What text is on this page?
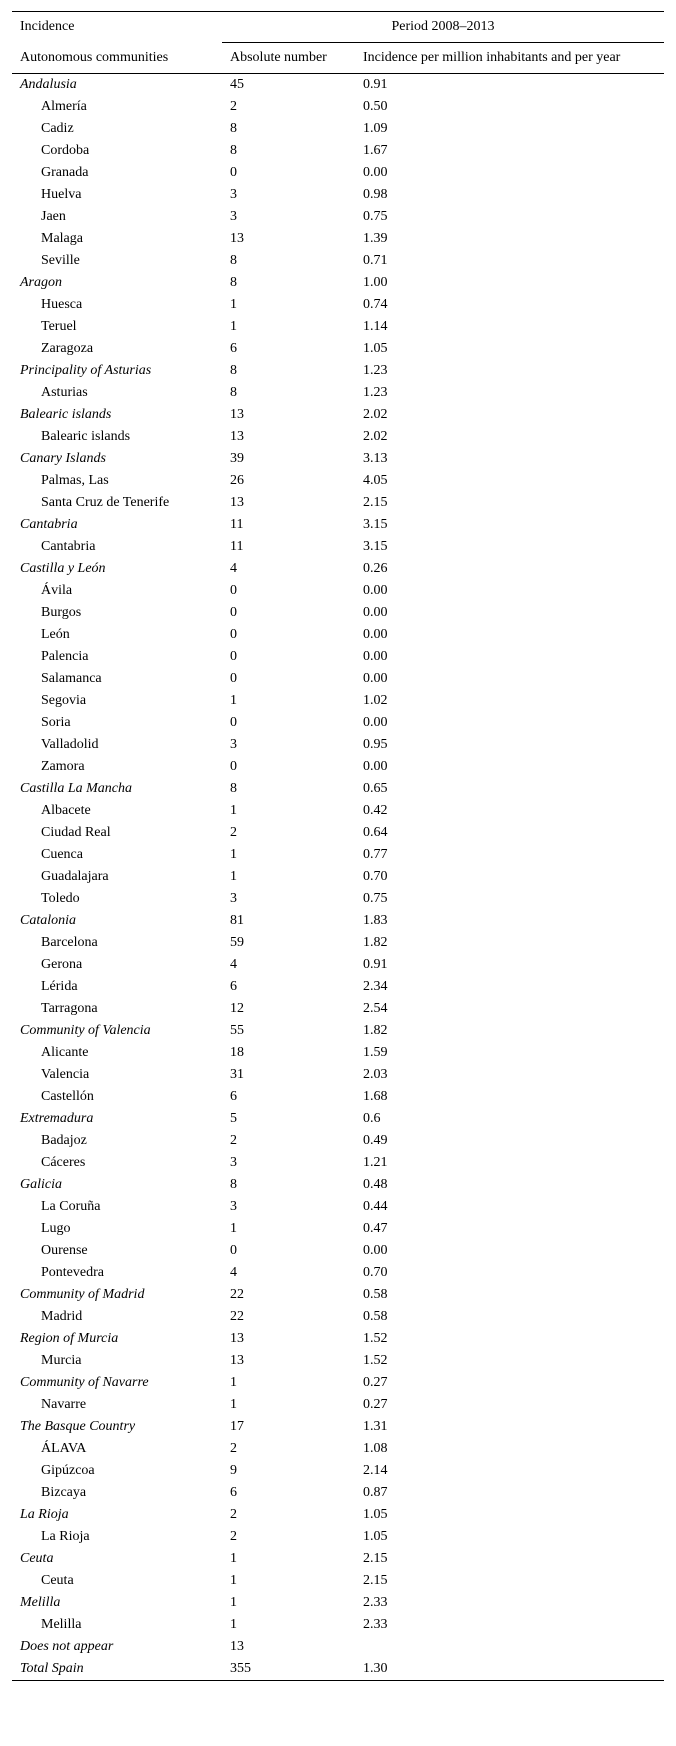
Incidence	Period 2008–2013	
Autonomous communities	Absolute number	Incidence per million inhabitants and per year
Andalusia	45	0.91
Almería	2	0.50
Cadiz	8	1.09
Cordoba	8	1.67
Granada	0	0.00
Huelva	3	0.98
Jaen	3	0.75
Malaga	13	1.39
Seville	8	0.71
Aragon	8	1.00
Huesca	1	0.74
Teruel	1	1.14
Zaragoza	6	1.05
Principality of Asturias	8	1.23
Asturias	8	1.23
Balearic islands	13	2.02
Balearic islands	13	2.02
Canary Islands	39	3.13
Palmas, Las	26	4.05
Santa Cruz de Tenerife	13	2.15
Cantabria	11	3.15
Cantabria	11	3.15
Castilla y León	4	0.26
Ávila	0	0.00
Burgos	0	0.00
León	0	0.00
Palencia	0	0.00
Salamanca	0	0.00
Segovia	1	1.02
Soria	0	0.00
Valladolid	3	0.95
Zamora	0	0.00
Castilla La Mancha	8	0.65
Albacete	1	0.42
Ciudad Real	2	0.64
Cuenca	1	0.77
Guadalajara	1	0.70
Toledo	3	0.75
Catalonia	81	1.83
Barcelona	59	1.82
Gerona	4	0.91
Lérida	6	2.34
Tarragona	12	2.54
Community of Valencia	55	1.82
Alicante	18	1.59
Valencia	31	2.03
Castellón	6	1.68
Extremadura	5	0.6
Badajoz	2	0.49
Cáceres	3	1.21
Galicia	8	0.48
La Coruña	3	0.44
Lugo	1	0.47
Ourense	0	0.00
Pontevedra	4	0.70
Community of Madrid	22	0.58
Madrid	22	0.58
Region of Murcia	13	1.52
Murcia	13	1.52
Community of Navarre	1	0.27
Navarre	1	0.27
The Basque Country	17	1.31
ÁLAVA	2	1.08
Gipúzcoa	9	2.14
Bizcaya	6	0.87
La Rioja	2	1.05
La Rioja	2	1.05
Ceuta	1	2.15
Ceuta	1	2.15
Melilla	1	2.33
Melilla	1	2.33
Does not appear	13	
Total Spain	355	1.30
